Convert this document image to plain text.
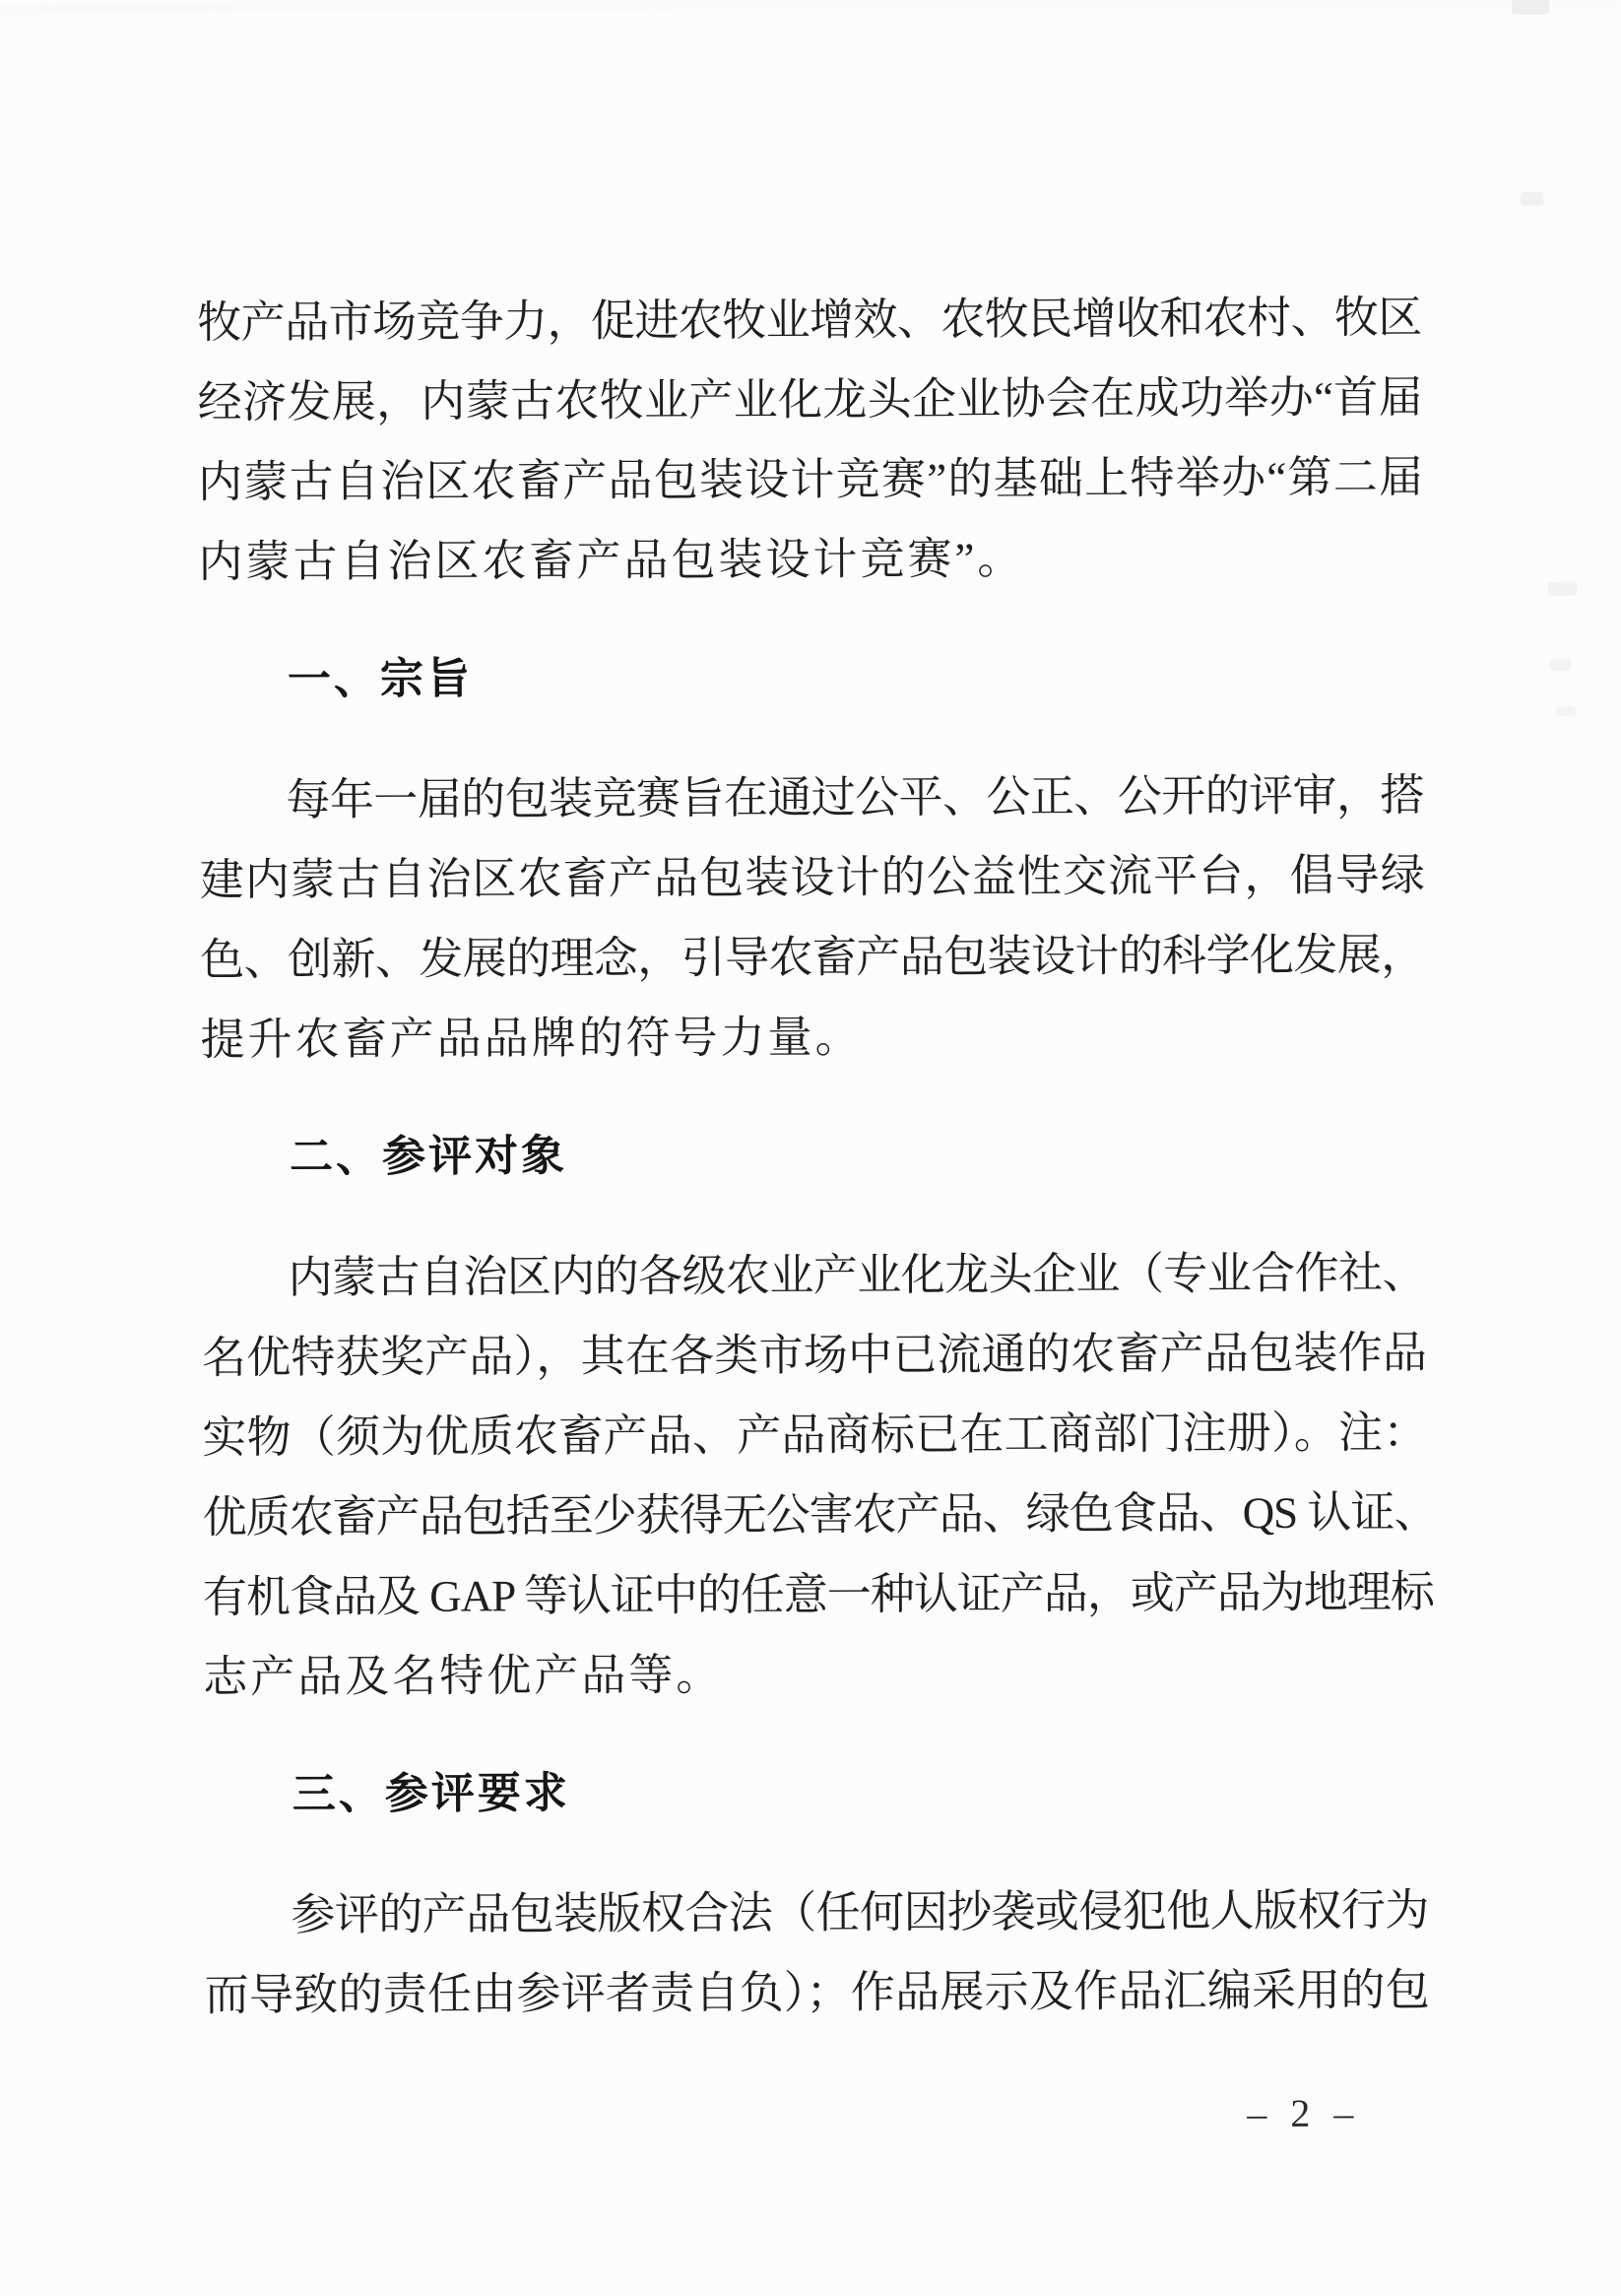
牧产品市场竞争力，促进农牧业增效、农牧民增收和农村、牧区
经济发展，内蒙古农牧业产业化龙头企业协会在成功举办“首届
内蒙古自治区农畜产品包装设计竞赛”的基础上特举办“第二届
内蒙古自治区农畜产品包装设计竞赛”。
一、宗旨
每年一届的包装竞赛旨在通过公平、公正、公开的评审，搭
建内蒙古自治区农畜产品包装设计的公益性交流平台，倡导绿
色、创新、发展的理念，引导农畜产品包装设计的科学化发展，
提升农畜产品品牌的符号力量。
二、参评对象
内蒙古自治区内的各级农业产业化龙头企业（专业合作社、
名优特获奖产品），其在各类市场中已流通的农畜产品包装作品
实物（须为优质农畜产品、产品商标已在工商部门注册）。注：
优质农畜产品包括至少获得无公害农产品、绿色食品、QS 认证、
有机食品及 GAP 等认证中的任意一种认证产品，或产品为地理标
志产品及名特优产品等。
三、参评要求
参评的产品包装版权合法（任何因抄袭或侵犯他人版权行为
而导致的责任由参评者责自负）；作品展示及作品汇编采用的包
– 2 –
